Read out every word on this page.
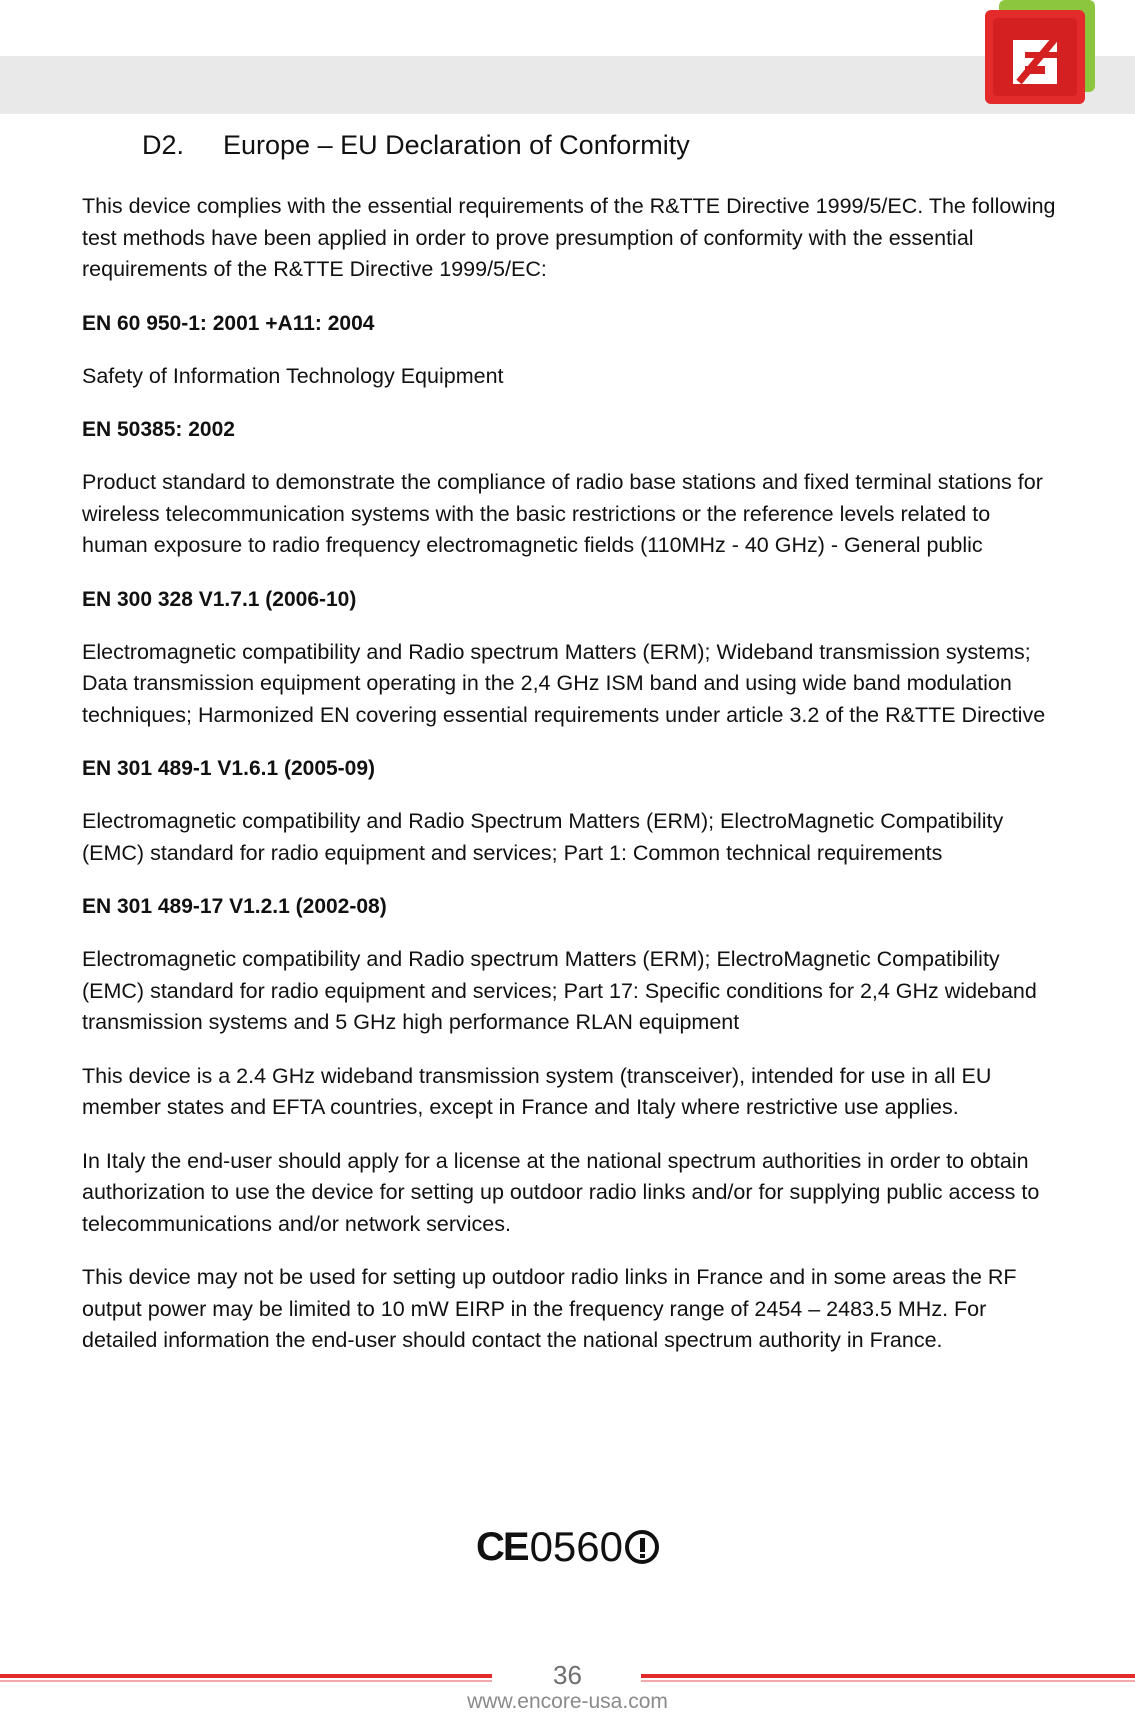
D2.	Europe – EU Declaration of Conformity

This device complies with the essential requirements of the R&TTE Directive 1999/5/EC. The following test methods have been applied in order to prove presumption of conformity with the essential requirements of the R&TTE Directive 1999/5/EC:

EN 60 950-1: 2001 +A11: 2004

Safety of Information Technology Equipment

EN 50385: 2002

Product standard to demonstrate the compliance of radio base stations and fixed terminal stations for wireless telecommunication systems with the basic restrictions or the reference levels related to human exposure to radio frequency electromagnetic fields (110MHz - 40 GHz) - General public

EN 300 328 V1.7.1 (2006-10)

Electromagnetic compatibility and Radio spectrum Matters (ERM); Wideband transmission systems; Data transmission equipment operating in the 2,4 GHz ISM band and using wide band modulation techniques; Harmonized EN covering essential requirements under article 3.2 of the R&TTE Directive

EN 301 489-1 V1.6.1 (2005-09)

Electromagnetic compatibility and Radio Spectrum Matters (ERM); ElectroMagnetic Compatibility (EMC) standard for radio equipment and services; Part 1: Common technical requirements

EN 301 489-17 V1.2.1 (2002-08)

Electromagnetic compatibility and Radio spectrum Matters (ERM); ElectroMagnetic Compatibility (EMC) standard for radio equipment and services; Part 17: Specific conditions for 2,4 GHz wideband transmission systems and 5 GHz high performance RLAN equipment

This device is a 2.4 GHz wideband transmission system (transceiver), intended for use in all EU member states and EFTA countries, except in France and Italy where restrictive use applies.

In Italy the end-user should apply for a license at the national spectrum authorities in order to obtain authorization to use the device for setting up outdoor radio links and/or for supplying public access to telecommunications and/or network services.

This device may not be used for setting up outdoor radio links in France and in some areas the RF output power may be limited to 10 mW EIRP in the frequency range of 2454 – 2483.5 MHz. For detailed information the end-user should contact the national spectrum authority in France.

CE 0560
36
www.encore-usa.com
